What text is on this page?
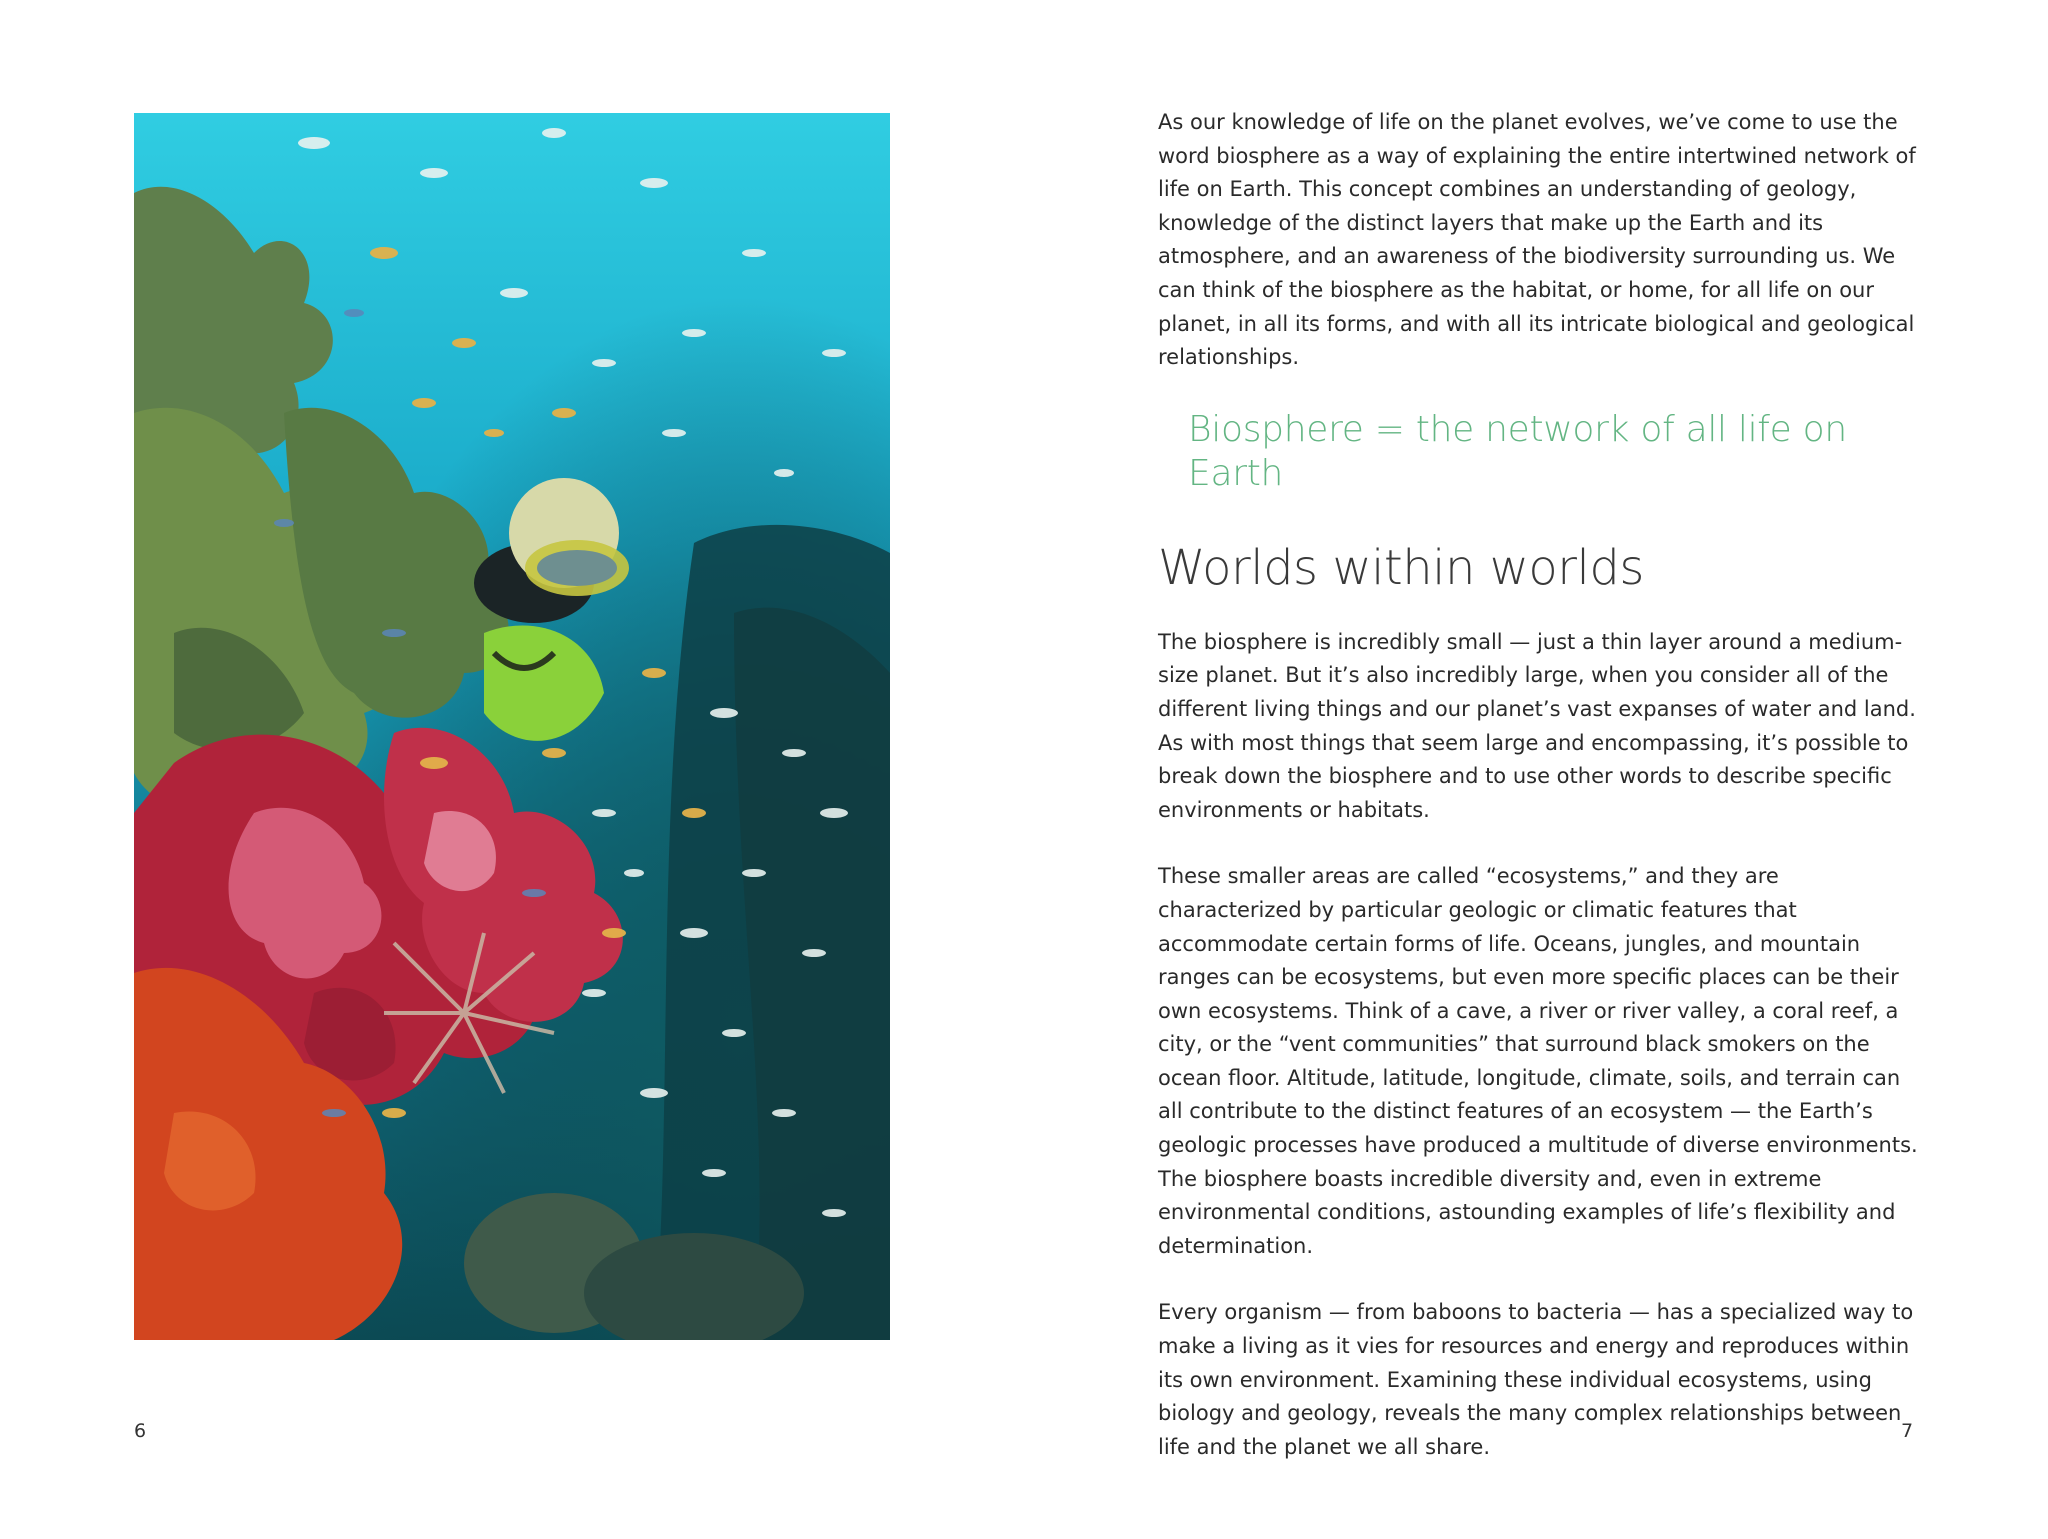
6

As our knowledge of life on the planet evolves, we’ve come to use the word biosphere as a way of explaining the entire intertwined network of life on Earth. This concept combines an understanding of geology, knowledge of the distinct layers that make up the Earth and its atmosphere, and an awareness of the biodiversity surrounding us. We can think of the biosphere as the habitat, or home, for all life on our planet, in all its forms, and with all its intricate biological and geological relationships.

Biosphere = the network of all life on Earth
Worlds within worlds

The biosphere is incredibly small — just a thin layer around a medium-size planet. But it’s also incredibly large, when you consider all of the different living things and our planet’s vast expanses of water and land. As with most things that seem large and encompassing, it’s possible to break down the biosphere and to use other words to describe specific environments or habitats.

These smaller areas are called “ecosystems,” and they are characterized by particular geologic or climatic features that accommodate certain forms of life. Oceans, jungles, and mountain ranges can be ecosystems, but even more specific places can be their own ecosystems. Think of a cave, a river or river valley, a coral reef, a city, or the “vent communities” that surround black smokers on the ocean floor. Altitude, latitude, longitude, climate, soils, and terrain can all contribute to the distinct features of an ecosystem — the Earth’s geologic processes have produced a multitude of diverse environments. The biosphere boasts incredible diversity and, even in extreme environmental conditions, astounding examples of life’s flexibility and determination.

Every organism — from baboons to bacteria — has a specialized way to make a living as it vies for resources and energy and reproduces within its own environment. Examining these individual ecosystems, using biology and geology, reveals the many complex relationships between life and the planet we all share.

7
